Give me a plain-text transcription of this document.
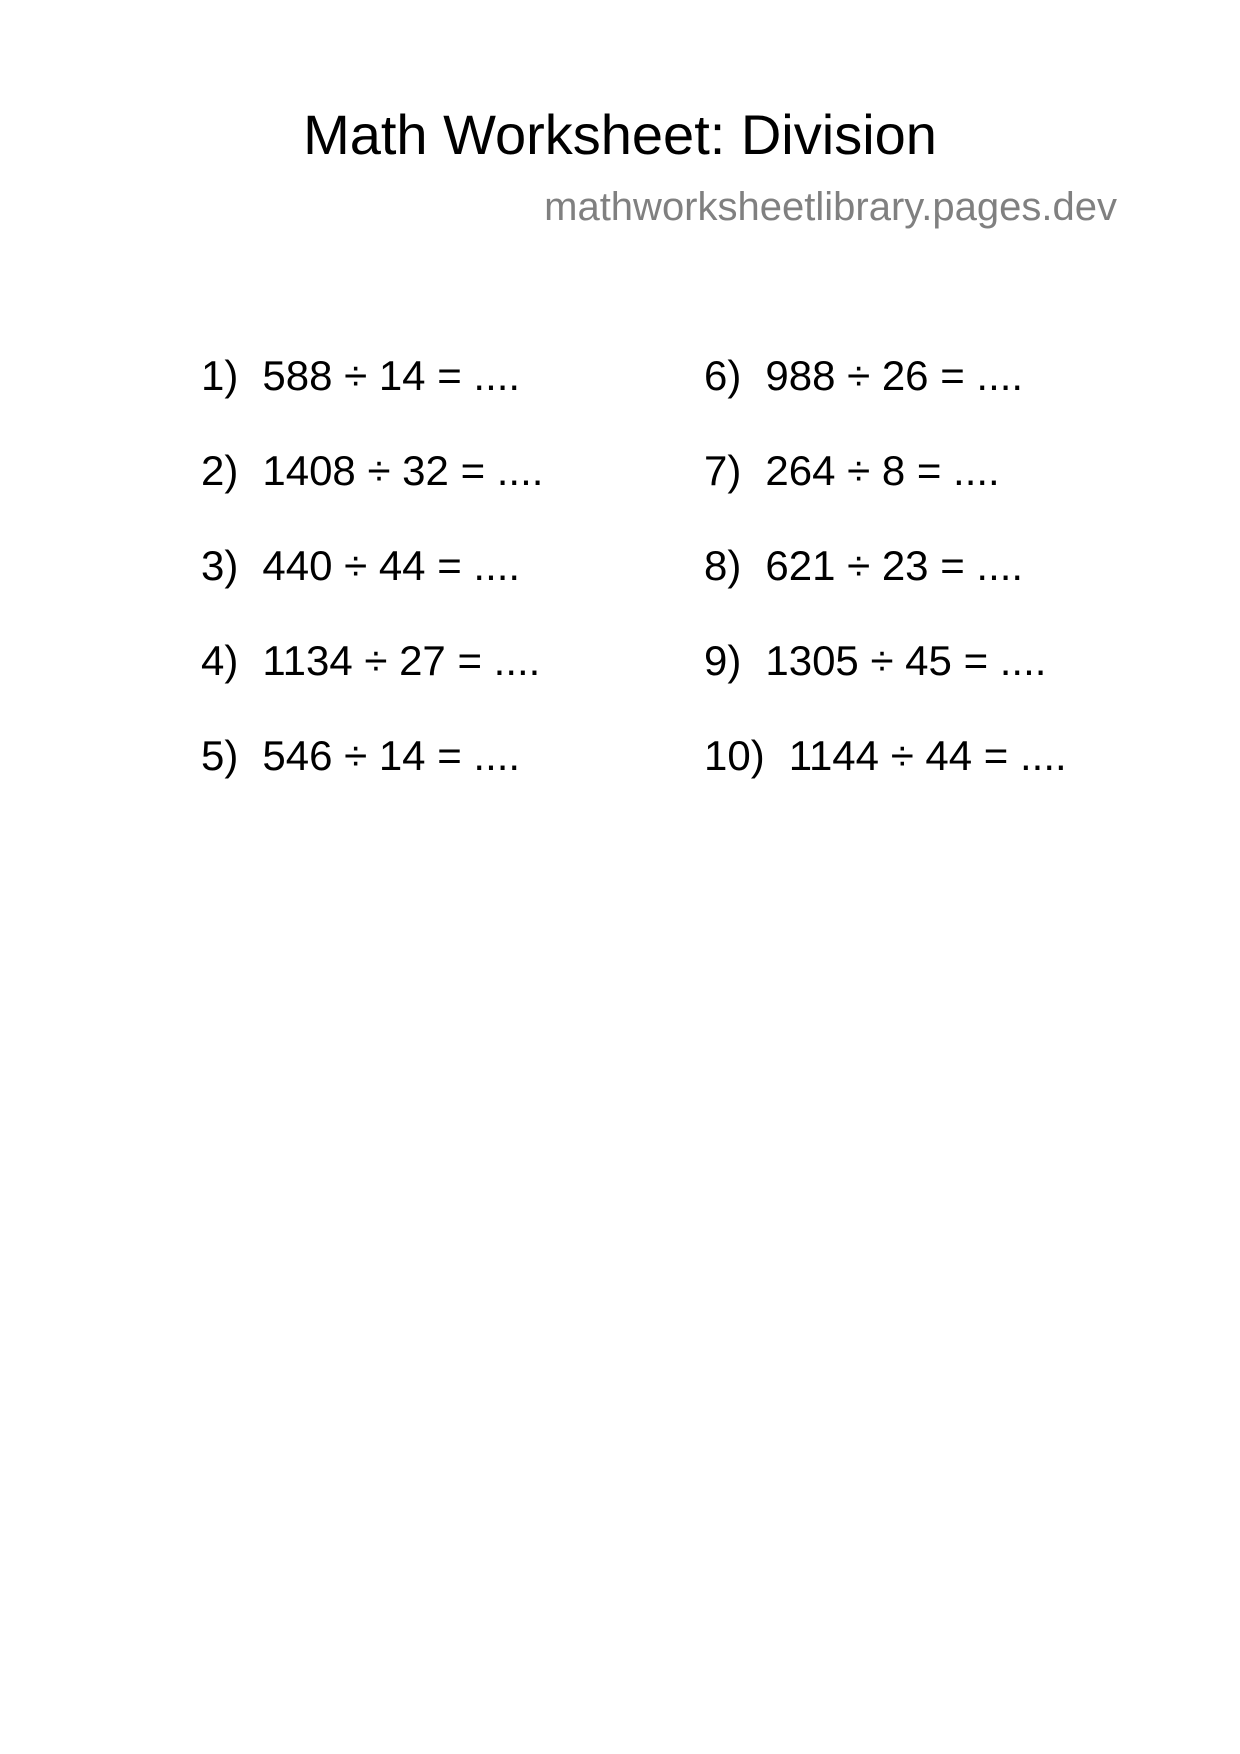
Math Worksheet: Division
mathworksheetlibrary.pages.dev
1) 588 ÷ 14 = ....
2) 1408 ÷ 32 = ....
3) 440 ÷ 44 = ....
4) 1134 ÷ 27 = ....
5) 546 ÷ 14 = ....
6) 988 ÷ 26 = ....
7) 264 ÷ 8 = ....
8) 621 ÷ 23 = ....
9) 1305 ÷ 45 = ....
10) 1144 ÷ 44 = ....
